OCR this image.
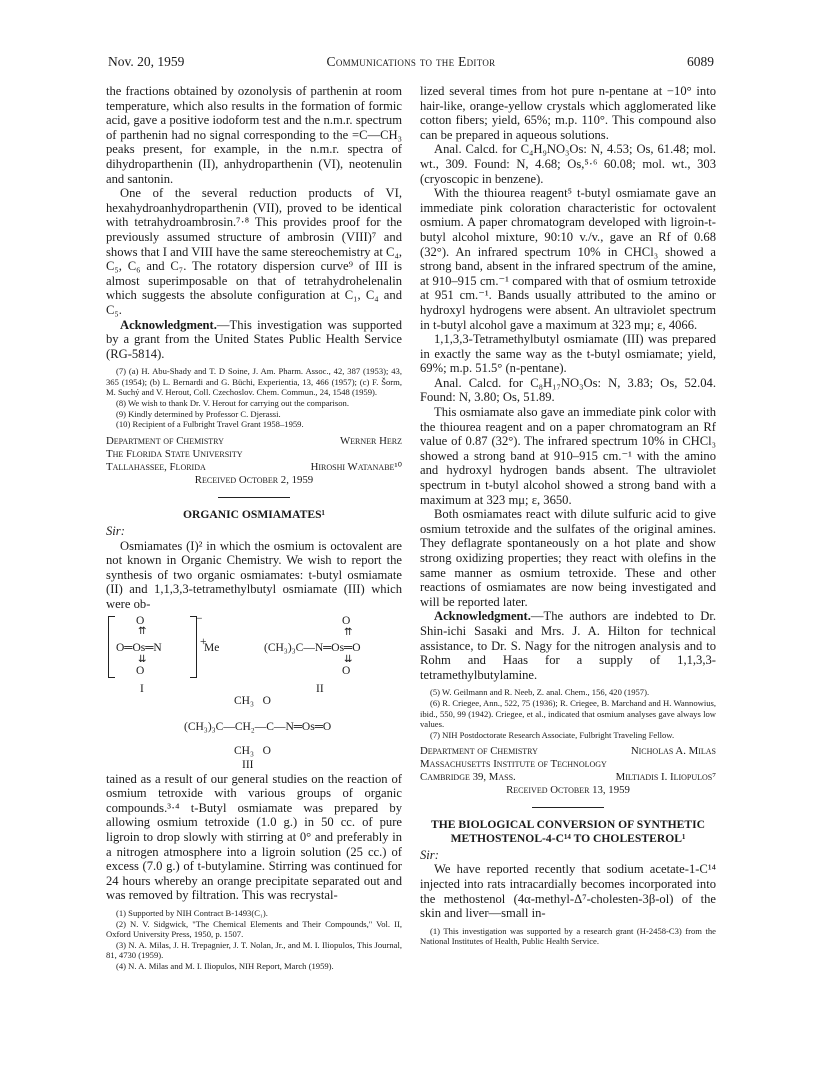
Nov. 20, 1959	Communications to the Editor	6089

the fractions obtained by ozonolysis of parthenin at room temperature, which also results in the formation of formic acid, gave a positive iodoform test and the n.m.r. spectrum of parthenin had no signal corresponding to the =C—CH₃ peaks present, for example, in the n.m.r. spectra of dihydroparthenin (II), anhydroparthenin (VI), neotenulin and santonin.

One of the several reduction products of VI, hexahydroanhydroparthenin (VII), proved to be identical with tetrahydroambrosin.⁷·⁸ This provides proof for the previously assumed structure of ambrosin (VIII)⁷ and shows that I and VIII have the same stereochemistry at C₄, C₅, C₆ and C₇. The rotatory dispersion curve⁹ of III is almost superimposable on that of tetrahydrohelenalin which suggests the absolute configuration at C₁, C₄ and C₅.

Acknowledgment.—This investigation was supported by a grant from the United States Public Health Service (RG-5814).

(7) (a) H. Abu-Shady and T. D Soine, J. Am. Pharm. Assoc., 42, 387 (1953); 43, 365 (1954); (b) L. Bernardi and G. Büchi, Experientia, 13, 466 (1957); (c) F. Šorm, M. Suchý and V. Herout, Coll. Czechoslov. Chem. Commun., 24, 1548 (1959).

(8) We wish to thank Dr. V. Herout for carrying out the comparison.

(9) Kindly determined by Professor C. Djerassi.

(10) Recipient of a Fulbright Travel Grant 1958–1959.

Department of Chemistry	Werner Herz
The Florida State University
Tallahassee, Florida	Hiroshi Watanabe¹⁰
Received October 2, 1959
ORGANIC OSMIAMATES¹

Sir:

Osmiamates (I)² in which the osmium is octovalent are not known in Organic Chemistry. We wish to report the synthesis of two organic osmiamates: t-butyl osmiamate (II) and 1,1,3,3-tetramethylbutyl osmiamate (III) which were ob-

O	−
⇈
+
O═Os═N	Me
⇊
O
I
O
⇈
(CH₃)₃C—N═Os═O
⇊
O
II
CH₃   O
(CH₃)₃C—CH₂—C—N═Os═O
CH₃   O
III

tained as a result of our general studies on the reaction of osmium tetroxide with various groups of organic compounds.³·⁴ t-Butyl osmiamate was prepared by allowing osmium tetroxide (1.0 g.) in 50 cc. of pure ligroin to drop slowly with stirring at 0° and preferably in a nitrogen atmosphere into a ligroin solution (25 cc.) of excess (7.0 g.) of t-butylamine. Stirring was continued for 24 hours whereby an orange precipitate separated out and was removed by filtration. This was recrystal-

(1) Supported by NIH Contract B-1493(C₁).

(2) N. V. Sidgwick, "The Chemical Elements and Their Compounds," Vol. II, Oxford University Press, 1950, p. 1507.

(3) N. A. Milas, J. H. Trepagnier, J. T. Nolan, Jr., and M. I. Iliopulos, This Journal, 81, 4730 (1959).

(4) N. A. Milas and M. I. Iliopulos, NIH Report, March (1959).

lized several times from hot pure n-pentane at −10° into hair-like, orange-yellow crystals which agglomerated like cotton fibers; yield, 65%; m.p. 110°. This compound also can be prepared in aqueous solutions.

Anal. Calcd. for C₄H₉NO₃Os: N, 4.53; Os, 61.48; mol. wt., 309. Found: N, 4.68; Os,⁵·⁶ 60.08; mol. wt., 303 (cryoscopic in benzene).

With the thiourea reagent⁵ t-butyl osmiamate gave an immediate pink coloration characteristic for octovalent osmium. A paper chromatogram developed with ligroin-t-butyl alcohol mixture, 90:10 v./v., gave an Rf of 0.68 (32°). An infrared spectrum 10% in CHCl₃ showed a strong band, absent in the infrared spectrum of the amine, at 910–915 cm.⁻¹ compared with that of osmium tetroxide at 951 cm.⁻¹. Bands usually attributed to the amino or hydroxyl hydrogens were absent. An ultraviolet spectrum in t-butyl alcohol gave a maximum at 323 mμ; ε, 4066.

1,1,3,3-Tetramethylbutyl osmiamate (III) was prepared in exactly the same way as the t-butyl osmiamate; yield, 69%; m.p. 51.5° (n-pentane).

Anal. Calcd. for C₈H₁₇NO₃Os: N, 3.83; Os, 52.04. Found: N, 3.80; Os, 51.89.

This osmiamate also gave an immediate pink color with the thiourea reagent and on a paper chromatogram an Rf value of 0.87 (32°). The infrared spectrum 10% in CHCl₃ showed a strong band at 910–915 cm.⁻¹ with the amino and hydroxyl hydrogen bands absent. The ultraviolet spectrum in t-butyl alcohol showed a strong band with a maximum at 323 mμ; ε, 3650.

Both osmiamates react with dilute sulfuric acid to give osmium tetroxide and the sulfates of the original amines. They deflagrate spontaneously on a hot plate and show strong oxidizing properties; they react with olefins in the same manner as osmium tetroxide. These and other reactions of osmiamates are now being investigated and will be reported later.

Acknowledgment.—The authors are indebted to Dr. Shin-ichi Sasaki and Mrs. J. A. Hilton for technical assistance, to Dr. S. Nagy for the nitrogen analysis and to Rohm and Haas for a supply of 1,1,3,3-tetramethylbutylamine.

(5) W. Geilmann and R. Neeb, Z. anal. Chem., 156, 420 (1957).

(6) R. Criegee, Ann., 522, 75 (1936); R. Criegee, B. Marchand and H. Wannowius, ibid., 550, 99 (1942). Criegee, et al., indicated that osmium analyses gave always low values.

(7) NIH Postdoctorate Research Associate, Fulbright Traveling Fellow.

Department of Chemistry	Nicholas A. Milas
Massachusetts Institute of Technology
Cambridge 39, Mass.	Miltiadis I. Iliopulos⁷
Received October 13, 1959
THE BIOLOGICAL CONVERSION OF SYNTHETIC METHOSTENOL-4-C¹⁴ TO CHOLESTEROL¹

Sir:

We have reported recently that sodium acetate-1-C¹⁴ injected into rats intracardially becomes incorporated into the methostenol (4α-methyl-Δ⁷-cholesten-3β-ol) of the skin and liver—small in-

(1) This investigation was supported by a research grant (H-2458-C3) from the National Institutes of Health, Public Health Service.
